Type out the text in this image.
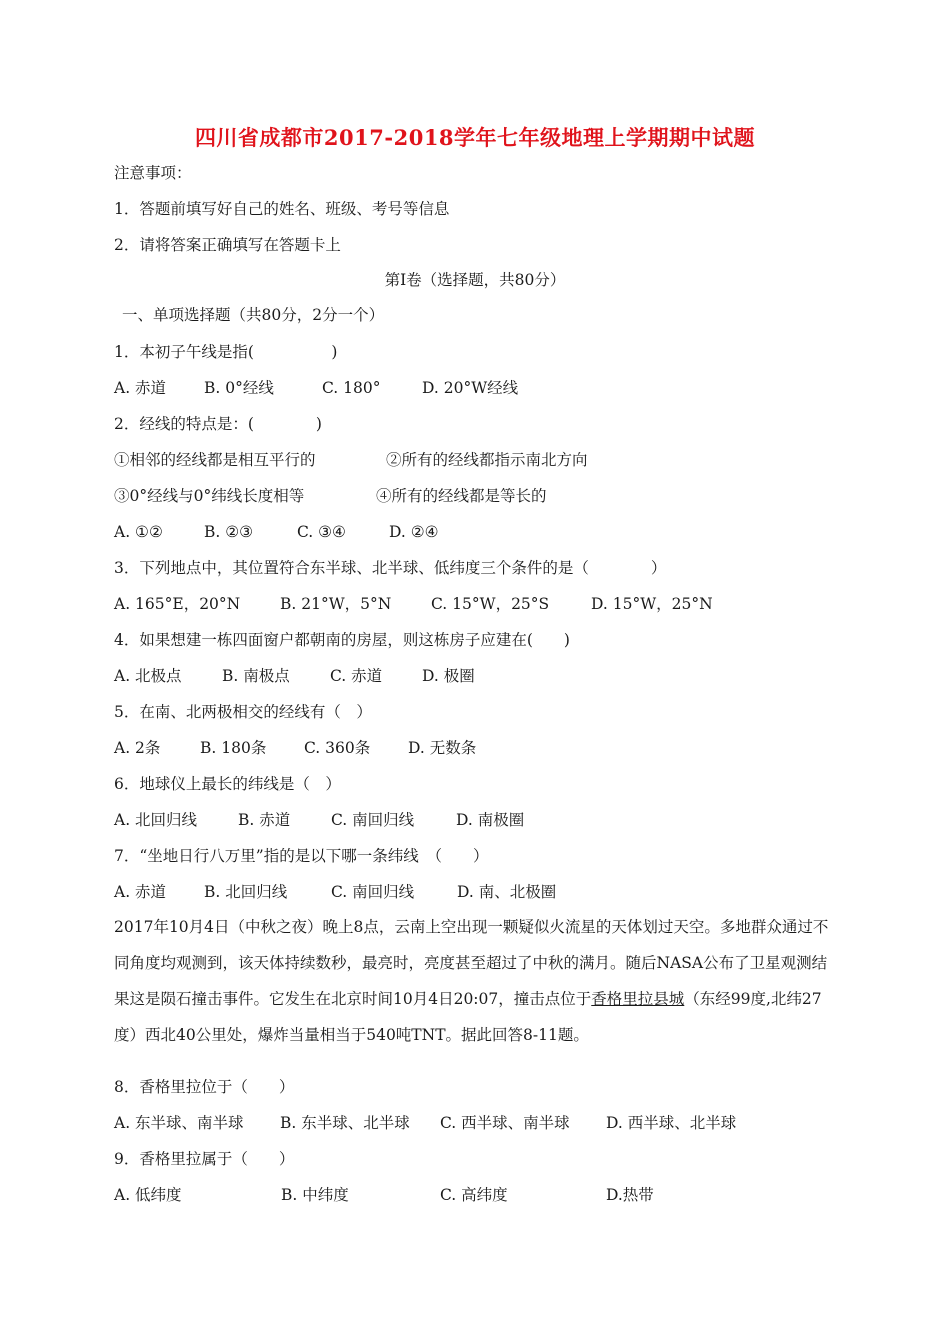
四川省成都市2017-2018学年七年级地理上学期期中试题
注意事项：
1．答题前填写好自己的姓名、班级、考号等信息
2．请将答案正确填写在答题卡上
第Ⅰ卷（选择题，共80分）
一、单项选择题（共80分，2分一个）
1．本初子午线是指(　　　　　)
A. 赤道 B. 0°经线	C. 180°	D. 20°W经线
2．经线的特点是：(　　　　)
①相邻的经线都是相互平行的	②所有的经线都指示南北方向
③0°经线与0°纬线长度相等	④所有的经线都是等长的
A. ①②	B. ②③	C. ③④	D. ②④
3．下列地点中，其位置符合东半球、北半球、低纬度三个条件的是（　　　　）
A. 165°E，20°N	B. 21°W，5°N	C. 15°W，25°S	D. 15°W，25°N
4．如果想建一栋四面窗户都朝南的房屋，则这栋房子应建在(　　)
A. 北极点	B. 南极点	C. 赤道	D. 极圈
5．在南、北两极相交的经线有（　）
A. 2条	B. 180条 C. 360条 D. 无数条
6．地球仪上最长的纬线是（　）
A. 北回归线	B. 赤道	C. 南回归线	D. 南极圈
7．“坐地日行八万里”指的是以下哪一条纬线　（　　）
A. 赤道 B. 北回归线	C. 南回归线	D. 南、北极圈
2017年10月4日（中秋之夜）晚上8点，云南上空出现一颗疑似火流星的天体划过天空。多地群众通过不同角度均观测到，该天体持续数秒，最亮时，亮度甚至超过了中秋的满月。随后NASA公布了卫星观测结果这是陨石撞击事件。它发生在北京时间10月4日20:07，撞击点位于香格里拉县城（东经99度,北纬27度）西北40公里处，爆炸当量相当于540吨TNT。据此回答8-11题。
8．香格里拉位于（　　）
A. 东半球、南半球 B. 东半球、北半球 C. 西半球、南半球 D. 西半球、北半球
9．香格里拉属于（　　）
A. 低纬度	B. 中纬度	C. 高纬度	D.热带
